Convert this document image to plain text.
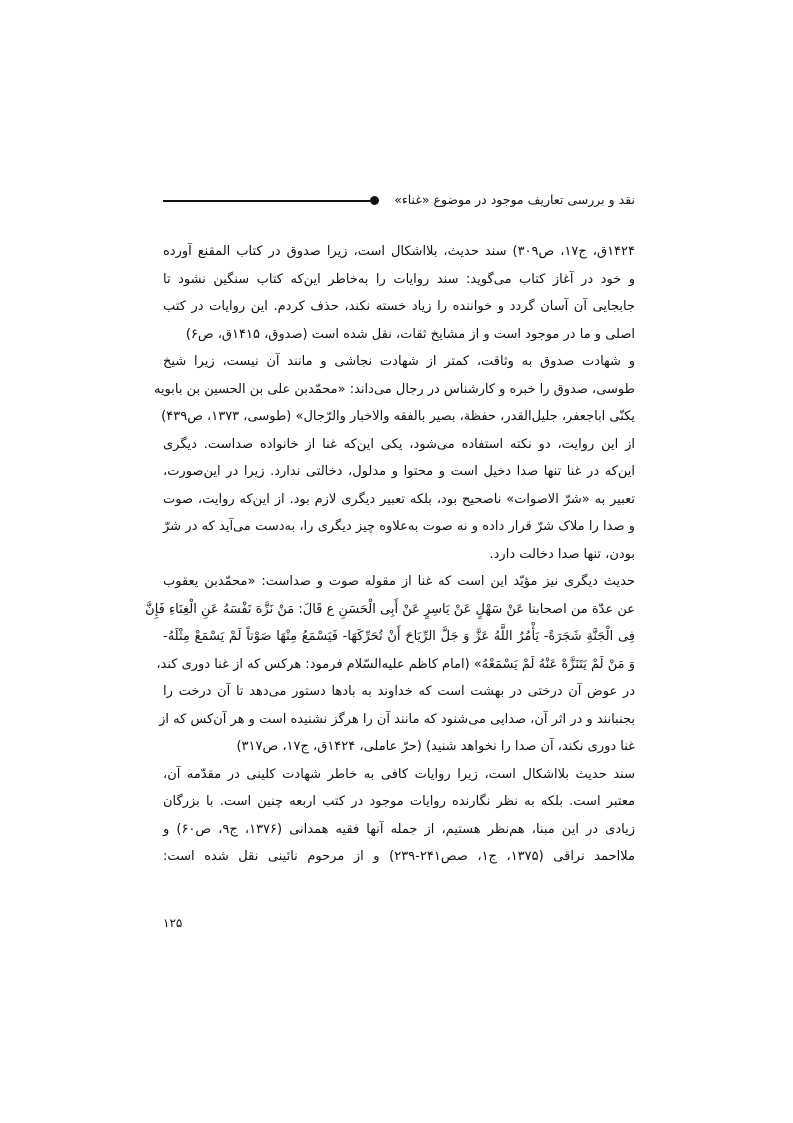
نقد و بررسی تعاریف موجود در موضوع «غناء»
۱۴۲۴ق، ج۱۷، ص۳۰۹) سند حدیث، بلااشکال است، زیرا صدوق در کتاب المقنع آورده
و خود در آغاز کتاب می‌گوید: سند روایات را به‌خاطر این‌که کتاب سنگین نشود تا
جابجایی آن آسان گردد و خواننده را زیاد خسته نکند، حذف کردم. این روایات در کتب
اصلی و ما در موجود است و از مشایخ ثقات، نقل شده است (صدوق، ۱۴۱۵ق، ص۶)
و شهادت صدوق به وثاقت، کمتر از شهادت نجاشی و مانند آن نیست، زیرا شیخ
طوسی، صدوق را خبره و کارشناس در رجال می‌داند: «محمّدبن علی بن الحسین بن بابویه
یکنّی اباجعفر، جلیل‌القدر، حفظة، بصیر بالفقه والاخبار والرّجال» (طوسی، ۱۳۷۳، ص۴۳۹)
از این روایت، دو نکته استفاده می‌شود، یکی این‌که غنا از خانواده صداست. دیگری
این‌که در غنا تنها صدا دخیل است و محتوا و مدلول، دخالتی ندارد. زیرا در این‌صورت،
تعبیر به «شرّ الاصوات» ناصحیح بود، بلکه تعبیر دیگری لازم بود. از این‌که روایت، صوت
و صدا را ملاک شرّ قرار داده و نه صوت به‌علاوه چیز دیگری را، به‌دست می‌آید که در شرّ
بودن، تنها صدا دخالت دارد.
حدیث دیگری نیز مؤیّد این است که غنا از مقوله صوت و صداست: «محمّدبن یعقوب
عن عدّة من اصحابنا عَنْ سَهْلٍ عَنْ یَاسِرٍ عَنْ أَبِی الْحَسَنِ ع قَالَ: مَنْ نَزَّهَ نَفْسَهُ عَنِ الْغِنَاءِ فَإِنَّ
فِی الْجَنَّةِ شَجَرَةً- یَأْمُرُ اللَّهُ عَزَّ وَ جَلَّ الرِّیَاحَ أَنْ تُحَرِّکَهَا- فَیَسْمَعُ مِنْهَا صَوْتاً لَمْ یَسْمَعْ مِثْلَهُ-
وَ مَنْ لَمْ یَتَنَزَّهْ عَنْهُ لَمْ یَسْمَعْهُ» (امام کاظم علیه‌السّلام فرمود: هرکس که از غنا دوری کند،
در عوض آن درختی در بهشت است که خداوند به بادها دستور می‌دهد تا آن درخت را
بجنبانند و در اثر آن، صدایی می‌شنود که مانند آن را هرگز نشنیده است و هر آن‌کس که از
غنا دوری نکند، آن صدا را نخواهد شنید) (حرّ عاملی، ۱۴۲۴ق، ج۱۷، ص۳۱۷)
سند حدیث بلااشکال است، زیرا روایات کافی به خاطر شهادت کلینی در مقدّمه آن،
معتبر است. بلکه به نظر نگارنده روایات موجود در کتب اربعه چنین است. با بزرگان
زیادی در این مبنا، هم‌نظر هستیم، از جمله آنها فقیه همدانی (۱۳۷۶، ج۹، ص۶۰) و
ملااحمد نراقی (۱۳۷۵، ج۱، صص۲۴۱-۲۳۹) و از مرحوم نائینی نقل شده است:
۱۲۵
